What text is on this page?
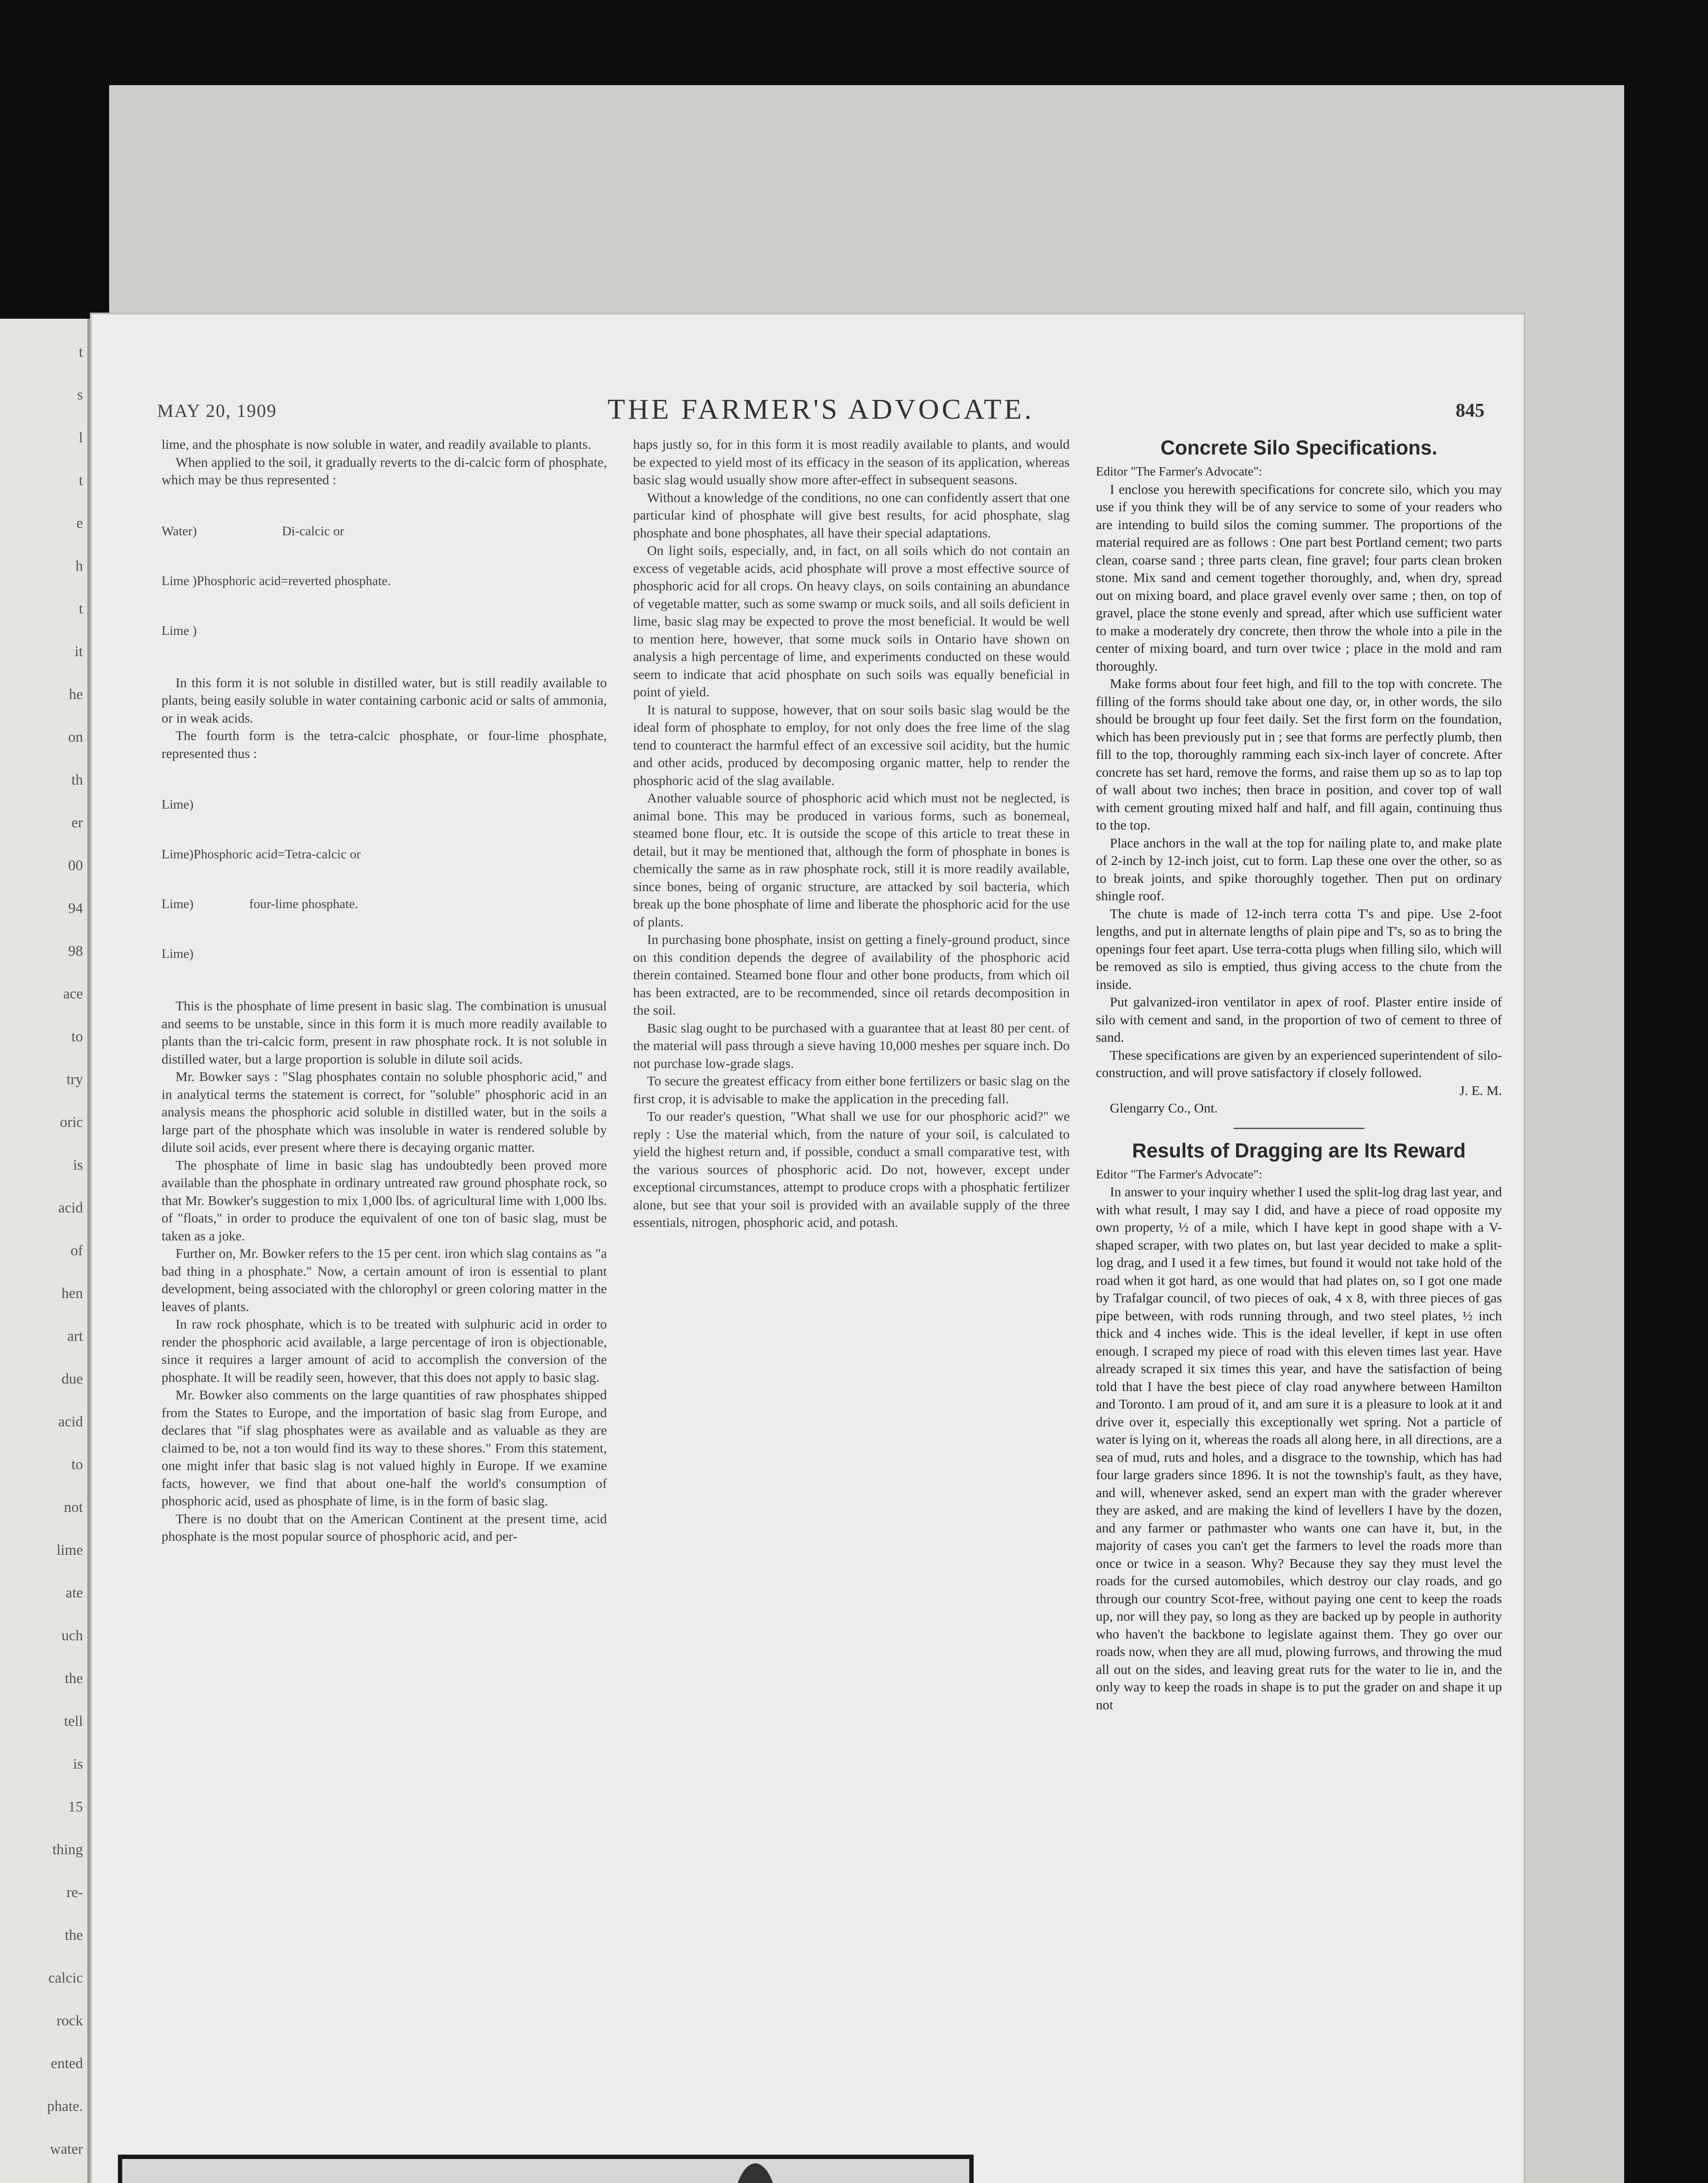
t
s
l
t
e
h
t
it
he
on
th
er
00
94
98
ace
to
try
oric
is
acid
of
hen
art
due
acid
to
not
lime
ate
uch
the
tell
is
15
thing
re-
the
calcic
rock
ented
phate.
water
MAY 20, 1909	THE FARMER'S ADVOCATE.	845

lime, and the phosphate is now soluble in water, and readily available to plants.

When applied to the soil, it gradually reverts to the di-calcic form of phosphate, which may be thus represented :

Water)                          Di-calcic or

Lime )Phosphoric acid=reverted phosphate.

Lime )

In this form it is not soluble in distilled water, but is still readily available to plants, being easily soluble in water containing carbonic acid or salts of ammonia, or in weak acids.

The fourth form is the tetra-calcic phosphate, or four-lime phosphate, represented thus :

Lime)

Lime)Phosphoric acid=Tetra-calcic or

Lime)                 four-lime phosphate.

Lime)

This is the phosphate of lime present in basic slag. The combination is unusual and seems to be unstable, since in this form it is much more readily available to plants than the tri-calcic form, present in raw phosphate rock. It is not soluble in distilled water, but a large proportion is soluble in dilute soil acids.

Mr. Bowker says : "Slag phosphates contain no soluble phosphoric acid," and in analytical terms the statement is correct, for "soluble" phosphoric acid in an analysis means the phosphoric acid soluble in distilled water, but in the soils a large part of the phosphate which was insoluble in water is rendered soluble by dilute soil acids, ever present where there is decaying organic matter.

The phosphate of lime in basic slag has undoubtedly been proved more available than the phosphate in ordinary untreated raw ground phosphate rock, so that Mr. Bowker's suggestion to mix 1,000 lbs. of agricultural lime with 1,000 lbs. of "floats," in order to produce the equivalent of one ton of basic slag, must be taken as a joke.

Further on, Mr. Bowker refers to the 15 per cent. iron which slag contains as "a bad thing in a phosphate." Now, a certain amount of iron is essential to plant development, being associated with the chlorophyl or green coloring matter in the leaves of plants.

In raw rock phosphate, which is to be treated with sulphuric acid in order to render the phosphoric acid available, a large percentage of iron is objectionable, since it requires a larger amount of acid to accomplish the conversion of the phosphate. It will be readily seen, however, that this does not apply to basic slag.

Mr. Bowker also comments on the large quantities of raw phosphates shipped from the States to Europe, and the importation of basic slag from Europe, and declares that "if slag phosphates were as available and as valuable as they are claimed to be, not a ton would find its way to these shores." From this statement, one might infer that basic slag is not valued highly in Europe. If we examine facts, however, we find that about one-half the world's consumption of phosphoric acid, used as phosphate of lime, is in the form of basic slag.

There is no doubt that on the American Continent at the present time, acid phosphate is the most popular source of phosphoric acid, and per-

haps justly so, for in this form it is most readily available to plants, and would be expected to yield most of its efficacy in the season of its application, whereas basic slag would usually show more after-effect in subsequent seasons.

Without a knowledge of the conditions, no one can confidently assert that one particular kind of phosphate will give best results, for acid phosphate, slag phosphate and bone phosphates, all have their special adaptations.

On light soils, especially, and, in fact, on all soils which do not contain an excess of vegetable acids, acid phosphate will prove a most effective source of phosphoric acid for all crops. On heavy clays, on soils containing an abundance of vegetable matter, such as some swamp or muck soils, and all soils deficient in lime, basic slag may be expected to prove the most beneficial. It would be well to mention here, however, that some muck soils in Ontario have shown on analysis a high percentage of lime, and experiments conducted on these would seem to indicate that acid phosphate on such soils was equally beneficial in point of yield.

It is natural to suppose, however, that on sour soils basic slag would be the ideal form of phosphate to employ, for not only does the free lime of the slag tend to counteract the harmful effect of an excessive soil acidity, but the humic and other acids, produced by decomposing organic matter, help to render the phosphoric acid of the slag available.

Another valuable source of phosphoric acid which must not be neglected, is animal bone. This may be produced in various forms, such as bonemeal, steamed bone flour, etc. It is outside the scope of this article to treat these in detail, but it may be mentioned that, although the form of phosphate in bones is chemically the same as in raw phosphate rock, still it is more readily available, since bones, being of organic structure, are attacked by soil bacteria, which break up the bone phosphate of lime and liberate the phosphoric acid for the use of plants.

In purchasing bone phosphate, insist on getting a finely-ground product, since on this condition depends the degree of availability of the phosphoric acid therein contained. Steamed bone flour and other bone products, from which oil has been extracted, are to be recommended, since oil retards decomposition in the soil.

Basic slag ought to be purchased with a guarantee that at least 80 per cent. of the material will pass through a sieve having 10,000 meshes per square inch. Do not purchase low-grade slags.

To secure the greatest efficacy from either bone fertilizers or basic slag on the first crop, it is advisable to make the application in the preceding fall.

To our reader's question, "What shall we use for our phosphoric acid?" we reply : Use the material which, from the nature of your soil, is calculated to yield the highest return and, if possible, conduct a small comparative test, with the various sources of phosphoric acid. Do not, however, except under exceptional circumstances, attempt to produce crops with a phosphatic fertilizer alone, but see that your soil is provided with an available supply of the three essentials, nitrogen, phosphoric acid, and potash.

Concrete Silo Specifications.

Editor "The Farmer's Advocate":

I enclose you herewith specifications for concrete silo, which you may use if you think they will be of any service to some of your readers who are intending to build silos the coming summer. The proportions of the material required are as follows : One part best Portland cement; two parts clean, coarse sand ; three parts clean, fine gravel; four parts clean broken stone. Mix sand and cement together thoroughly, and, when dry, spread out on mixing board, and place gravel evenly over same ; then, on top of gravel, place the stone evenly and spread, after which use sufficient water to make a moderately dry concrete, then throw the whole into a pile in the center of mixing board, and turn over twice ; place in the mold and ram thoroughly.

Make forms about four feet high, and fill to the top with concrete. The filling of the forms should take about one day, or, in other words, the silo should be brought up four feet daily. Set the first form on the foundation, which has been previously put in ; see that forms are perfectly plumb, then fill to the top, thoroughly ramming each six-inch layer of concrete. After concrete has set hard, remove the forms, and raise them up so as to lap top of wall about two inches; then brace in position, and cover top of wall with cement grouting mixed half and half, and fill again, continuing thus to the top.

Place anchors in the wall at the top for nailing plate to, and make plate of 2-inch by 12-inch joist, cut to form. Lap these one over the other, so as to break joints, and spike thoroughly together. Then put on ordinary shingle roof.

The chute is made of 12-inch terra cotta T's and pipe. Use 2-foot lengths, and put in alternate lengths of plain pipe and T's, so as to bring the openings four feet apart. Use terra-cotta plugs when filling silo, which will be removed as silo is emptied, thus giving access to the chute from the inside.

Put galvanized-iron ventilator in apex of roof. Plaster entire inside of silo with cement and sand, in the proportion of two of cement to three of sand.

These specifications are given by an experienced superintendent of silo-construction, and will prove satisfactory if closely followed.

J. E. M.

Glengarry Co., Ont.

Results of Dragging are Its Reward

Editor "The Farmer's Advocate":

In answer to your inquiry whether I used the split-log drag last year, and with what result, I may say I did, and have a piece of road opposite my own property, ½ of a mile, which I have kept in good shape with a V-shaped scraper, with two plates on, but last year decided to make a split-log drag, and I used it a few times, but found it would not take hold of the road when it got hard, as one would that had plates on, so I got one made by Trafalgar council, of two pieces of oak, 4 x 8, with three pieces of gas pipe between, with rods running through, and two steel plates, ½ inch thick and 4 inches wide. This is the ideal leveller, if kept in use often enough. I scraped my piece of road with this eleven times last year. Have already scraped it six times this year, and have the satisfaction of being told that I have the best piece of clay road anywhere between Hamilton and Toronto. I am proud of it, and am sure it is a pleasure to look at it and drive over it, especially this exceptionally wet spring. Not a particle of water is lying on it, whereas the roads all along here, in all directions, are a sea of mud, ruts and holes, and a disgrace to the township, which has had four large graders since 1896. It is not the township's fault, as they have, and will, whenever asked, send an expert man with the grader wherever they are asked, and are making the kind of levellers I have by the dozen, and any farmer or pathmaster who wants one can have it, but, in the majority of cases you can't get the farmers to level the roads more than once or twice in a season. Why? Because they say they must level the roads for the cursed automobiles, which destroy our clay roads, and go through our country Scot-free, without paying one cent to keep the roads up, nor will they pay, so long as they are backed up by people in authority who haven't the backbone to legislate against them. They go over our roads now, when they are all mud, plowing furrows, and throwing the mud all out on the sides, and leaving great ruts for the water to lie in, and the only way to keep the roads in shape is to put the grader on and shape it up not
